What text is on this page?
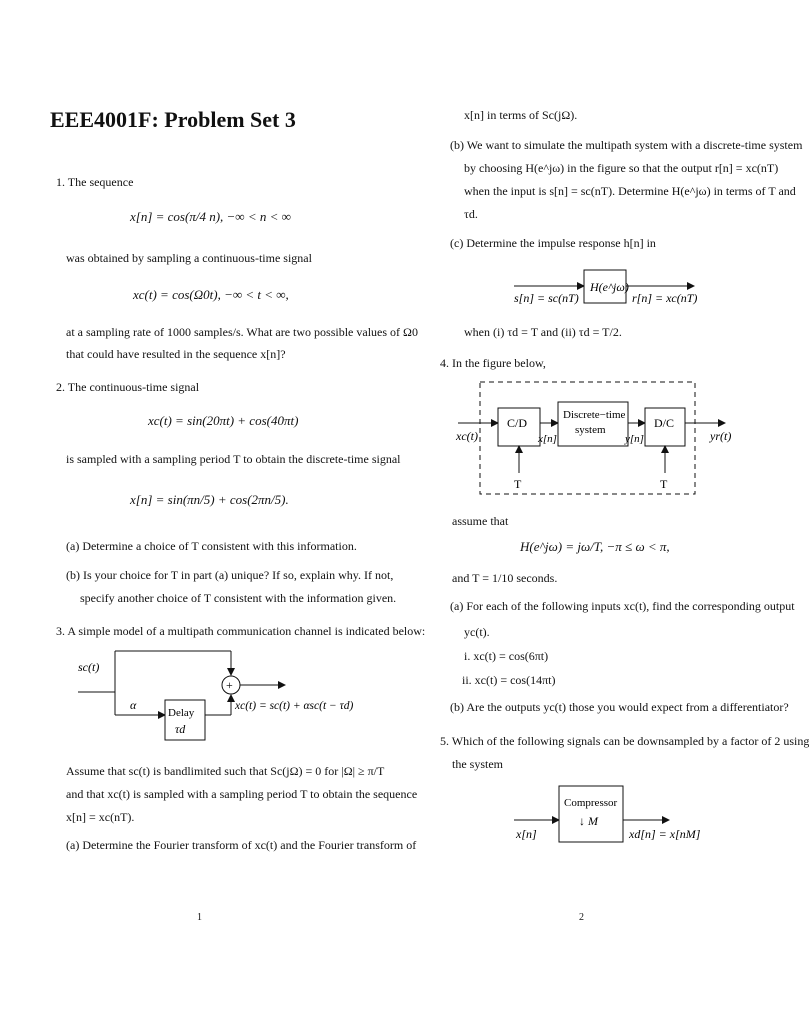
EEE4001F: Problem Set 3
1. The sequence
x[n] = cos(π/4 n), −∞ < n < ∞
was obtained by sampling a continuous-time signal
xc(t) = cos(Ω0t), −∞ < t < ∞,
at a sampling rate of 1000 samples/s. What are two possible values of Ω0
that could have resulted in the sequence x[n]?
2. The continuous-time signal
xc(t) = sin(20πt) + cos(40πt)
is sampled with a sampling period T to obtain the discrete-time signal
x[n] = sin(πn/5) + cos(2πn/5).
(a) Determine a choice of T consistent with this information.
(b) Is your choice for T in part (a) unique? If so, explain why. If not,
specify another choice of T consistent with the information given.
3. A simple model of a multipath communication channel is indicated below:
+
sc(t)
α
Delay
τd
xc(t) = sc(t) + αsc(t − τd)
Assume that sc(t) is bandlimited such that Sc(jΩ) = 0 for |Ω| ≥ π/T
and that xc(t) is sampled with a sampling period T to obtain the sequence
x[n] = xc(nT).
(a) Determine the Fourier transform of xc(t) and the Fourier transform of
1
x[n] in terms of Sc(jΩ).
(b) We want to simulate the multipath system with a discrete-time system
by choosing H(e^jω) in the figure so that the output r[n] = xc(nT)
when the input is s[n] = sc(nT). Determine H(e^jω) in terms of T and
τd.
(c) Determine the impulse response h[n] in
H(e^jω)
s[n] = sc(nT)	r[n] = xc(nT)
when (i) τd = T and (ii) τd = T/2.
4. In the figure below,
C/D
Discrete−time
system	D/C
xc(t)	x[n]	y[n]	yr(t)
T	T
assume that
H(e^jω) = jω/T, −π ≤ ω < π,
and T = 1/10 seconds.
(a) For each of the following inputs xc(t), find the corresponding output
yc(t).
i. xc(t) = cos(6πt)
ii. xc(t) = cos(14πt)
(b) Are the outputs yc(t) those you would expect from a differentiator?
5. Which of the following signals can be downsampled by a factor of 2 using
the system
Compressor
↓ M
x[n]	xd[n] = x[nM]
2
